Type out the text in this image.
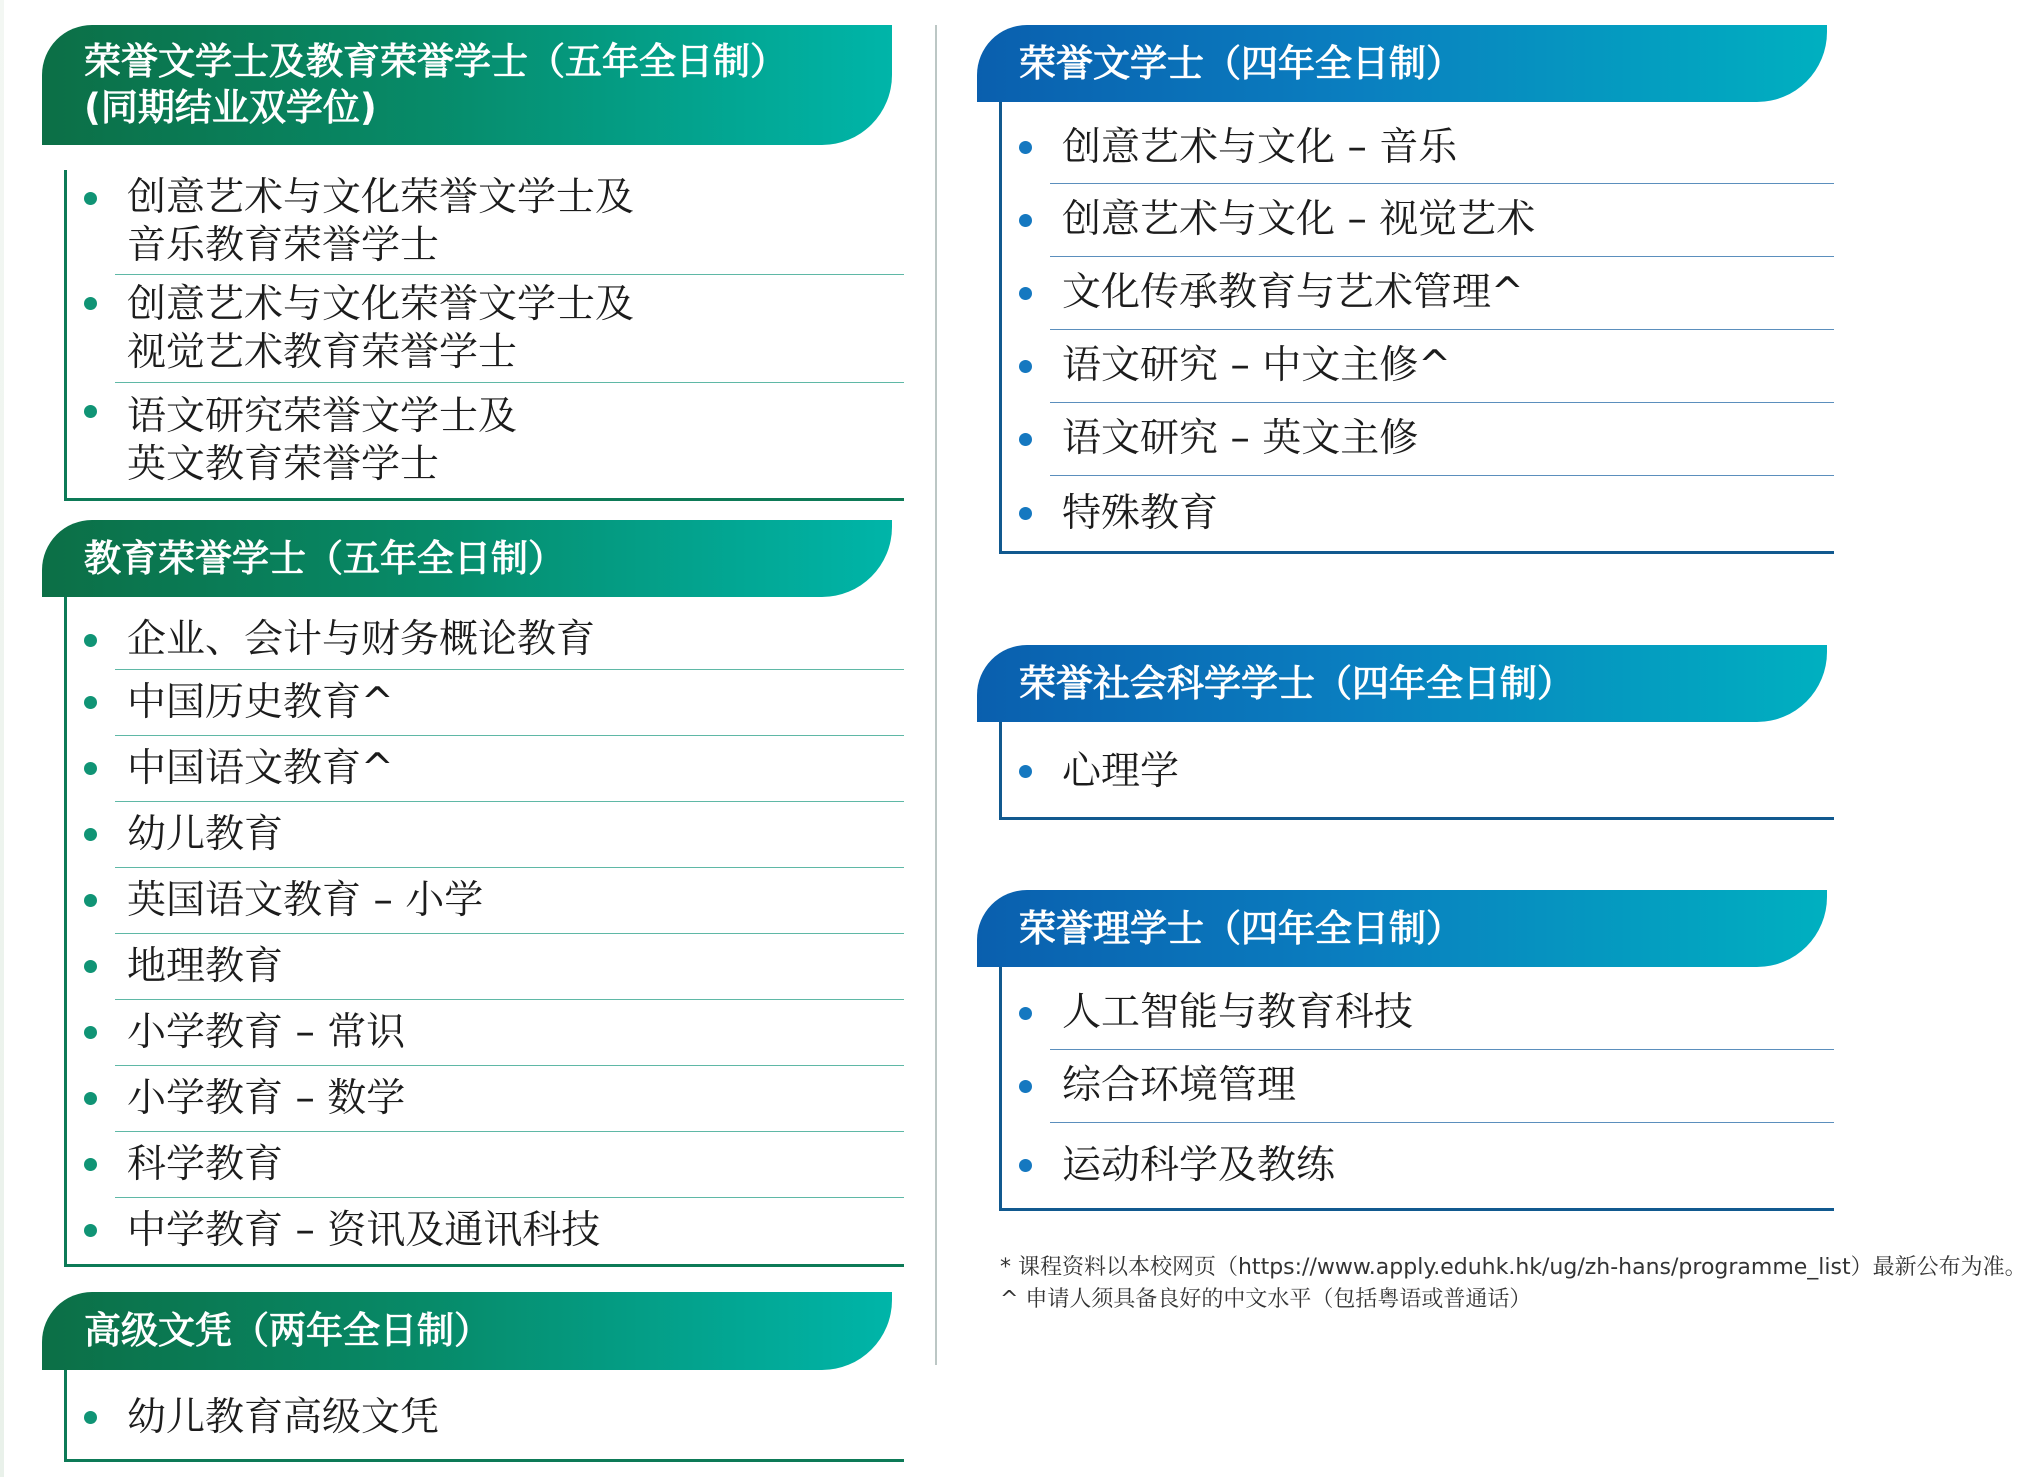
荣誉文学士及教育荣誉学士（五年全日制）
(同期结业双学位)
创意艺术与文化荣誉文学士及
音乐教育荣誉学士
创意艺术与文化荣誉文学士及
视觉艺术教育荣誉学士
语文研究荣誉文学士及
英文教育荣誉学士
教育荣誉学士（五年全日制）
企业、会计与财务概论教育
中国历史教育^
中国语文教育^
幼儿教育
英国语文教育 – 小学
地理教育
小学教育 – 常识
小学教育 – 数学
科学教育
中学教育 – 资讯及通讯科技
高级文凭（两年全日制）
幼儿教育高级文凭
荣誉文学士（四年全日制）
创意艺术与文化 – 音乐
创意艺术与文化 – 视觉艺术
文化传承教育与艺术管理^
语文研究 – 中文主修^
语文研究 – 英文主修
特殊教育
荣誉社会科学学士（四年全日制）
心理学
荣誉理学士（四年全日制）
人工智能与教育科技
综合环境管理
运动科学及教练
* 课程资料以本校网页（https://www.apply.eduhk.hk/ug/zh-hans/programme_list）最新公布为准。
^ 申请人须具备良好的中文水平（包括粤语或普通话）
